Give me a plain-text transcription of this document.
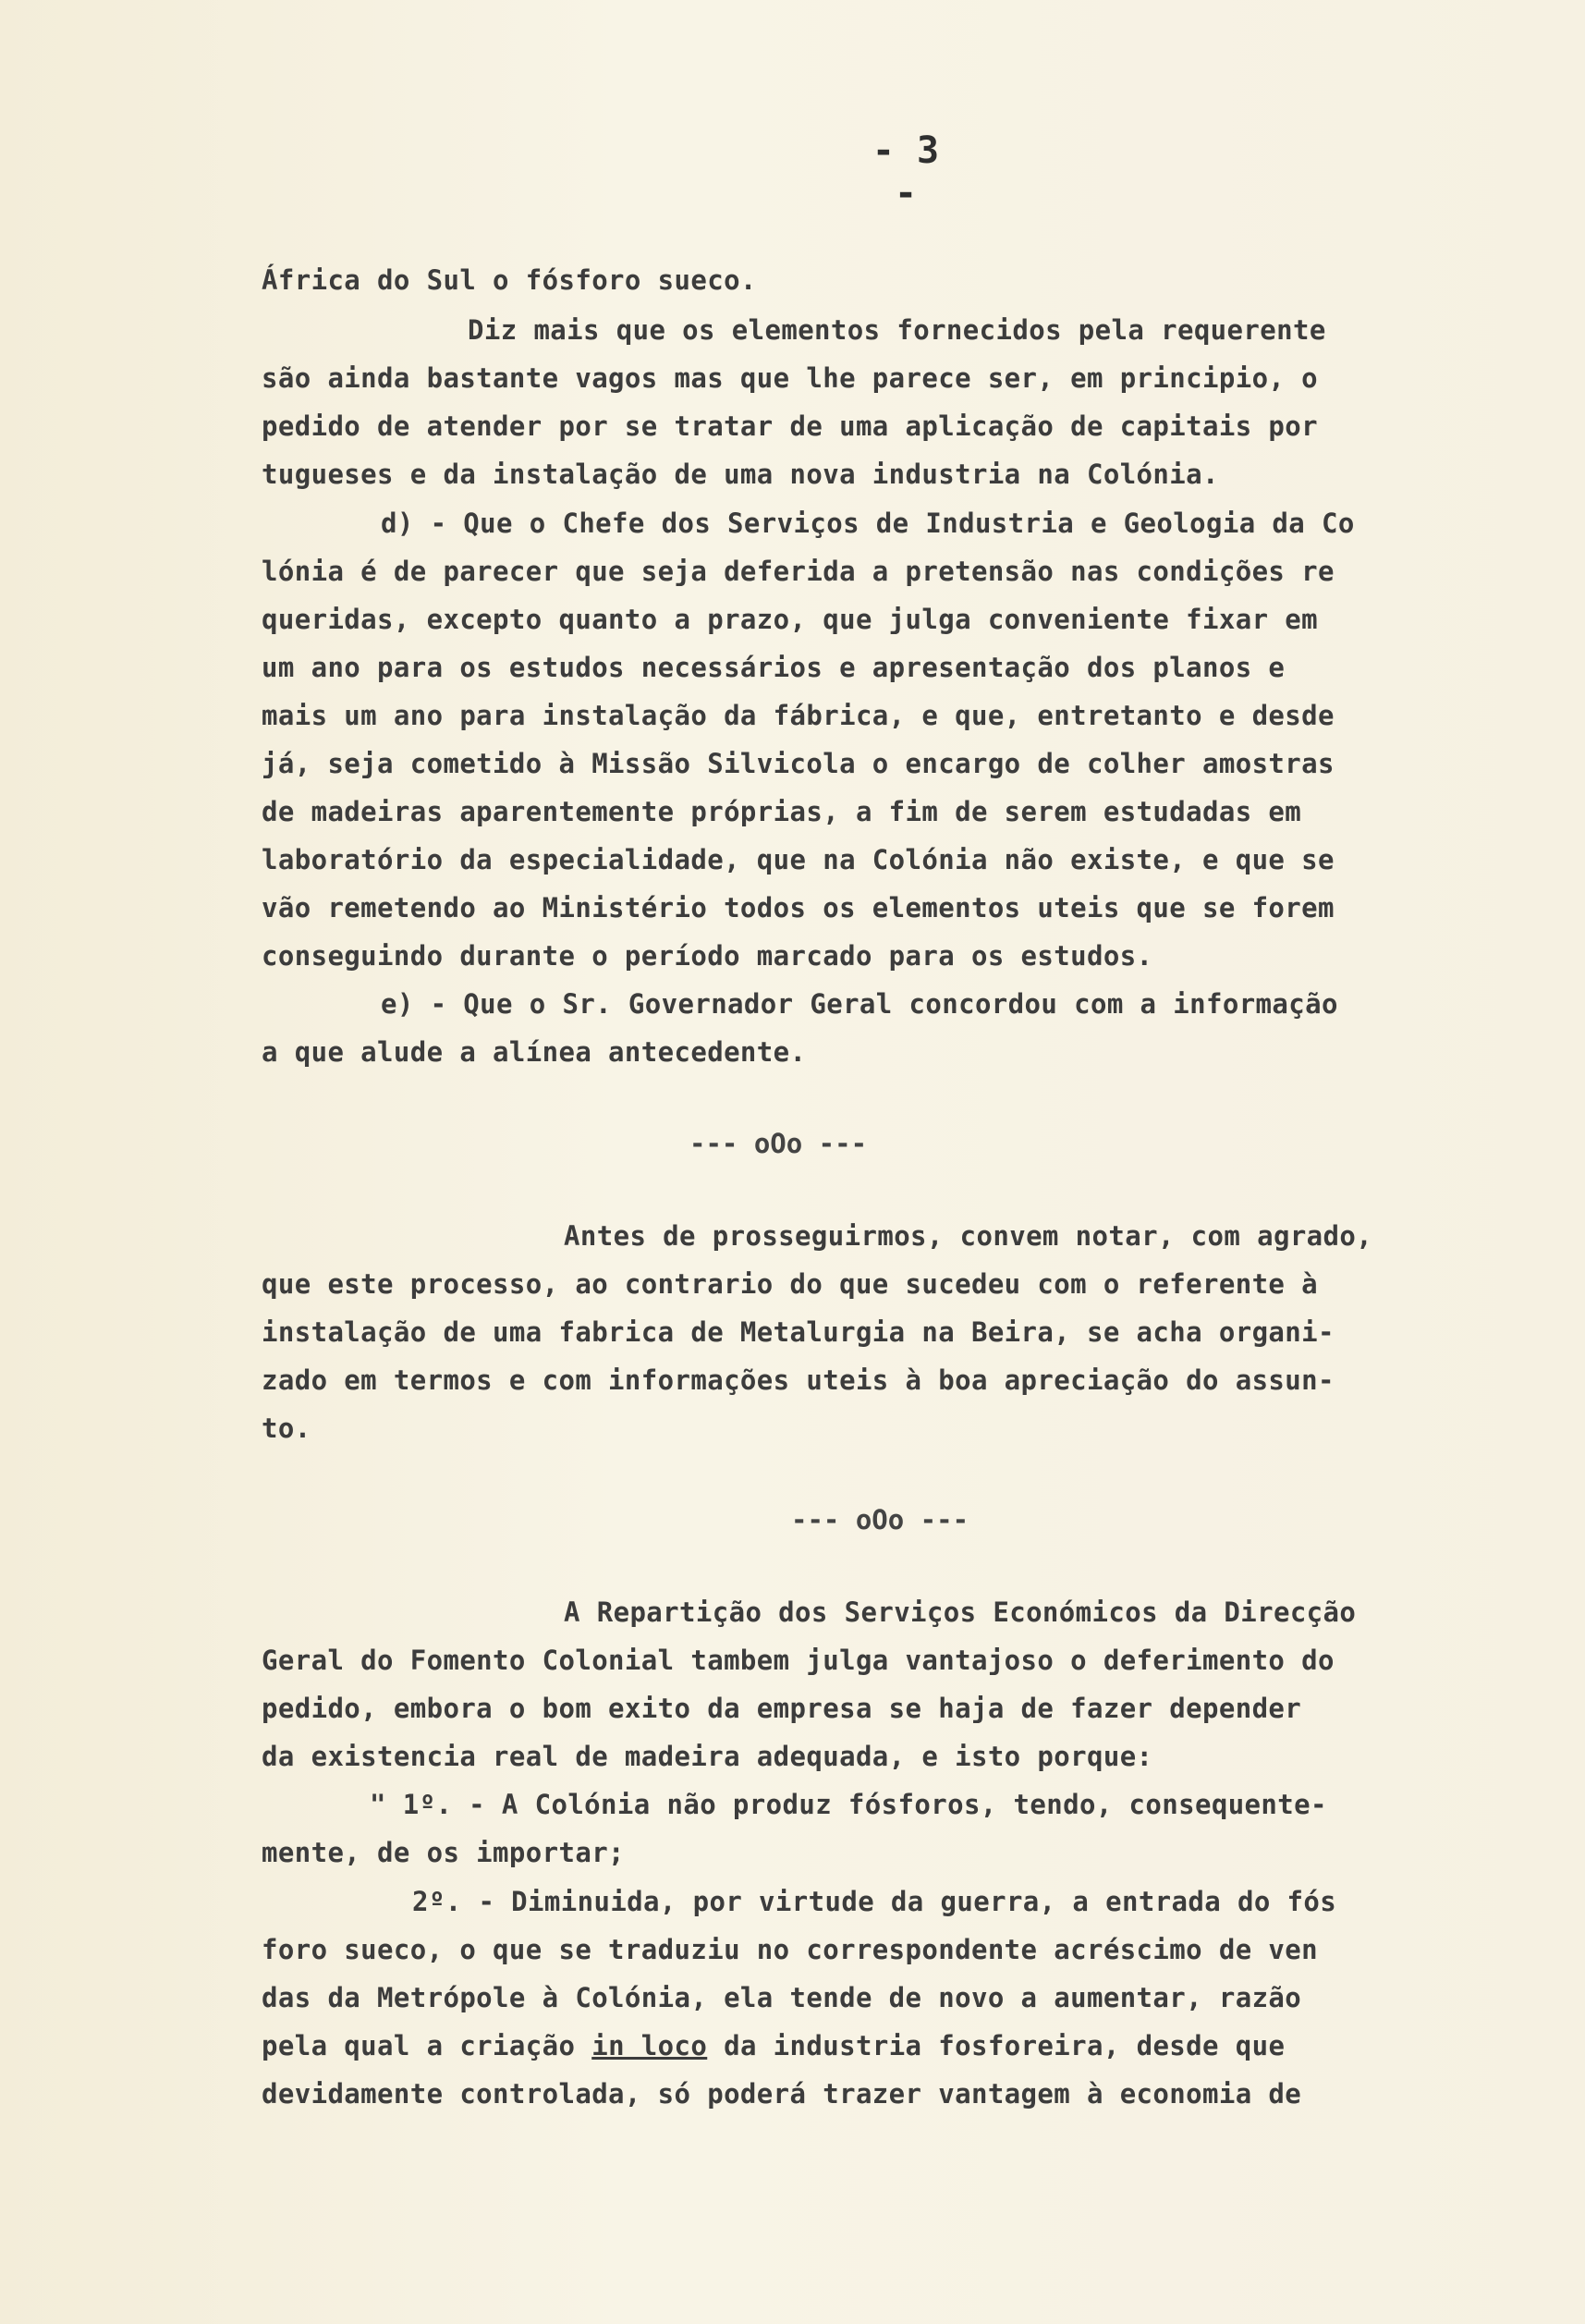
- 3 -

África do Sul o fósforo sueco.

Diz mais que os elementos fornecidos pela requerente

são ainda bastante vagos mas que lhe parece ser, em principio, o

pedido de atender por se tratar de uma aplicação de capitais por

tugueses e da instalação de uma nova industria na Colónia.

d) - Que o Chefe dos Serviços de Industria e Geologia da Co

lónia é de parecer que seja deferida a pretensão nas condições re

queridas, excepto quanto a prazo, que julga conveniente fixar em

um ano para os estudos necessários e apresentação dos planos e

mais um ano para instalação da fábrica, e que, entretanto e desde

já, seja cometido à Missão Silvicola o encargo de colher amostras

de madeiras aparentemente próprias, a fim de serem estudadas em

laboratório da especialidade, que na Colónia não existe, e que se

vão remetendo ao Ministério todos os elementos uteis que se forem

conseguindo durante o período marcado para os estudos.

e) - Que o Sr. Governador Geral concordou com a informação

a que alude a alínea antecedente.

--- oOo ---

Antes de prosseguirmos, convem notar, com agrado,

que este processo, ao contrario do que sucedeu com o referente à

instalação de uma fabrica de Metalurgia na Beira, se acha organi-

zado em termos e com informações uteis à boa apreciação do assun-

to.

--- oOo ---

A Repartição dos Serviços Económicos da Direcção

Geral do Fomento Colonial tambem julga vantajoso o deferimento do

pedido, embora o bom exito da empresa se haja de fazer depender

da existencia real de madeira adequada, e isto porque:

" 1º. - A Colónia não produz fósforos, tendo, consequente-

mente, de os importar;

2º. - Diminuida, por virtude da guerra, a entrada do fós

foro sueco, o que se traduziu no correspondente acréscimo de ven

das da Metrópole à Colónia, ela tende de novo a aumentar, razão

pela qual a criação in loco da industria fosforeira, desde que

devidamente controlada, só poderá trazer vantagem à economia de
